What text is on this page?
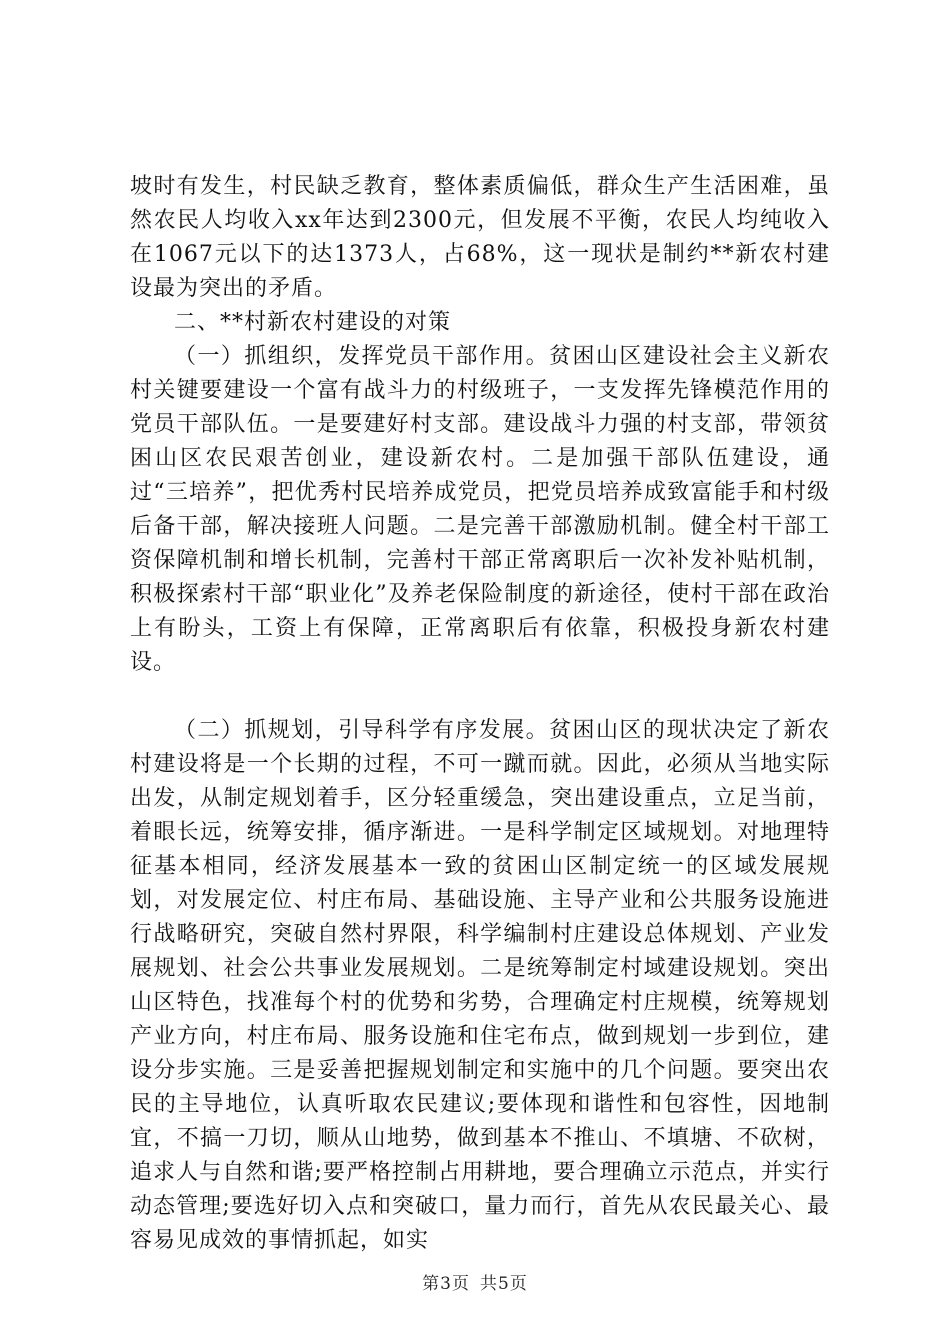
坡时有发生，村民缺乏教育，整体素质偏低，群众生产生活困难，虽然农民人均收入xx年达到2300元，但发展不平衡，农民人均纯收入在1067元以下的达1373人，占68%，这一现状是制约**新农村建设最为突出的矛盾。

二、**村新农村建设的对策

（一）抓组织，发挥党员干部作用。贫困山区建设社会主义新农村关键要建设一个富有战斗力的村级班子，一支发挥先锋模范作用的党员干部队伍。一是要建好村支部。建设战斗力强的村支部，带领贫困山区农民艰苦创业，建设新农村。二是加强干部队伍建设，通过“三培养”，把优秀村民培养成党员，把党员培养成致富能手和村级后备干部，解决接班人问题。二是完善干部激励机制。健全村干部工资保障机制和增长机制，完善村干部正常离职后一次补发补贴机制，积极探索村干部“职业化”及养老保险制度的新途径，使村干部在政治上有盼头，工资上有保障，正常离职后有依靠，积极投身新农村建设。

（二）抓规划，引导科学有序发展。贫困山区的现状决定了新农村建设将是一个长期的过程，不可一蹴而就。因此，必须从当地实际出发，从制定规划着手，区分轻重缓急，突出建设重点，立足当前，着眼长远，统筹安排，循序渐进。一是科学制定区域规划。对地理特征基本相同，经济发展基本一致的贫困山区制定统一的区域发展规划，对发展定位、村庄布局、基础设施、主导产业和公共服务设施进行战略研究，突破自然村界限，科学编制村庄建设总体规划、产业发展规划、社会公共事业发展规划。二是统筹制定村域建设规划。突出山区特色，找准每个村的优势和劣势，合理确定村庄规模，统筹规划产业方向，村庄布局、服务设施和住宅布点，做到规划一步到位，建设分步实施。三是妥善把握规划制定和实施中的几个问题。要突出农民的主导地位，认真听取农民建议;要体现和谐性和包容性，因地制宜，不搞一刀切，顺从山地势，做到基本不推山、不填塘、不砍树，追求人与自然和谐;要严格控制占用耕地，要合理确立示范点，并实行动态管理;要选好切入点和突破口，量力而行，首先从农民最关心、最容易见成效的事情抓起，如实

第3页 共5页
